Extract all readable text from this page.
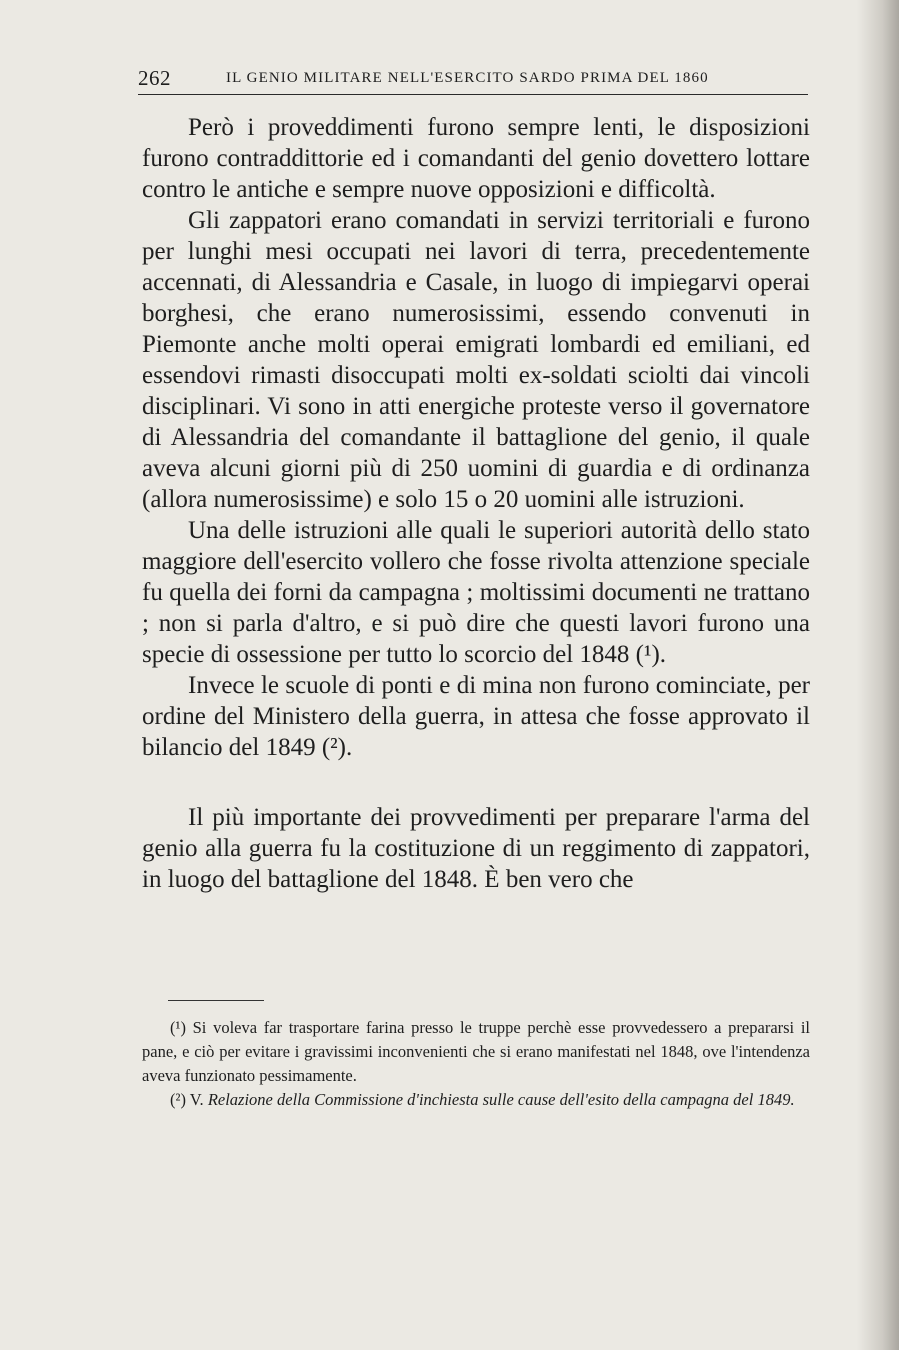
262	IL GENIO MILITARE NELL'ESERCITO SARDO PRIMA DEL 1860

Però i proveddimenti furono sempre lenti, le disposizioni furono contraddittorie ed i comandanti del genio dovettero lottare contro le antiche e sempre nuove opposizioni e difficoltà.

Gli zappatori erano comandati in servizi territoriali e furono per lunghi mesi occupati nei lavori di terra, precedentemente accennati, di Alessandria e Casale, in luogo di impiegarvi operai borghesi, che erano numerosissimi, essendo convenuti in Piemonte anche molti operai emigrati lombardi ed emiliani, ed essendovi rimasti disoccupati molti ex-soldati sciolti dai vincoli disciplinari. Vi sono in atti energiche proteste verso il governatore di Alessandria del comandante il battaglione del genio, il quale aveva alcuni giorni più di 250 uomini di guardia e di ordinanza (allora numerosissime) e solo 15 o 20 uomini alle istruzioni.

Una delle istruzioni alle quali le superiori autorità dello stato maggiore dell'esercito vollero che fosse rivolta attenzione speciale fu quella dei forni da campagna ; moltissimi documenti ne trattano ; non si parla d'altro, e si può dire che questi lavori furono una specie di ossessione per tutto lo scorcio del 1848 (¹).

Invece le scuole di ponti e di mina non furono cominciate, per ordine del Ministero della guerra, in attesa che fosse approvato il bilancio del 1849 (²).

Il più importante dei provvedimenti per preparare l'arma del genio alla guerra fu la costituzione di un reggimento di zappatori, in luogo del battaglione del 1848. È ben vero che

(¹) Si voleva far trasportare farina presso le truppe perchè esse provvedessero a prepararsi il pane, e ciò per evitare i gravissimi inconvenienti che si erano manifestati nel 1848, ove l'intendenza aveva funzionato pessimamente.

(²) V. Relazione della Commissione d'inchiesta sulle cause dell'esito della campagna del 1849.
